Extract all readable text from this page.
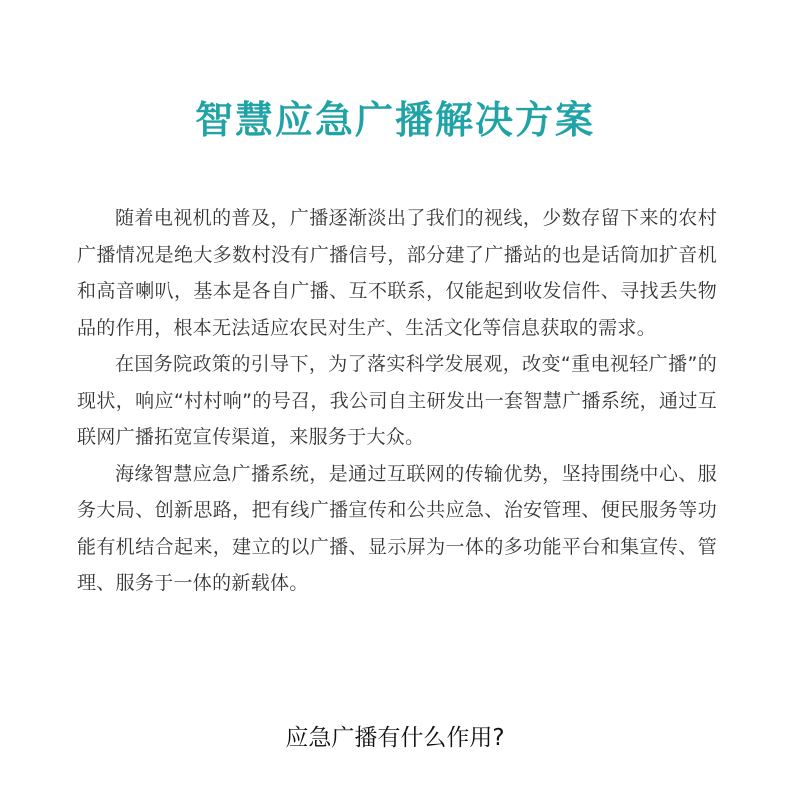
智慧应急广播解决方案

随着电视机的普及，广播逐渐淡出了我们的视线，少数存留下来的农村广播情况是绝大多数村没有广播信号，部分建了广播站的也是话筒加扩音机和高音喇叭，基本是各自广播、互不联系，仅能起到收发信件、寻找丢失物品的作用，根本无法适应农民对生产、生活文化等信息获取的需求。

在国务院政策的引导下，为了落实科学发展观，改变“重电视轻广播”的现状，响应“村村响”的号召，我公司自主研发出一套智慧广播系统，通过互联网广播拓宽宣传渠道，来服务于大众。

海缘智慧应急广播系统，是通过互联网的传输优势，坚持围绕中心、服务大局、创新思路，把有线广播宣传和公共应急、治安管理、便民服务等功能有机结合起来，建立的以广播、显示屏为一体的多功能平台和集宣传、管理、服务于一体的新载体。

应急广播有什么作用?
